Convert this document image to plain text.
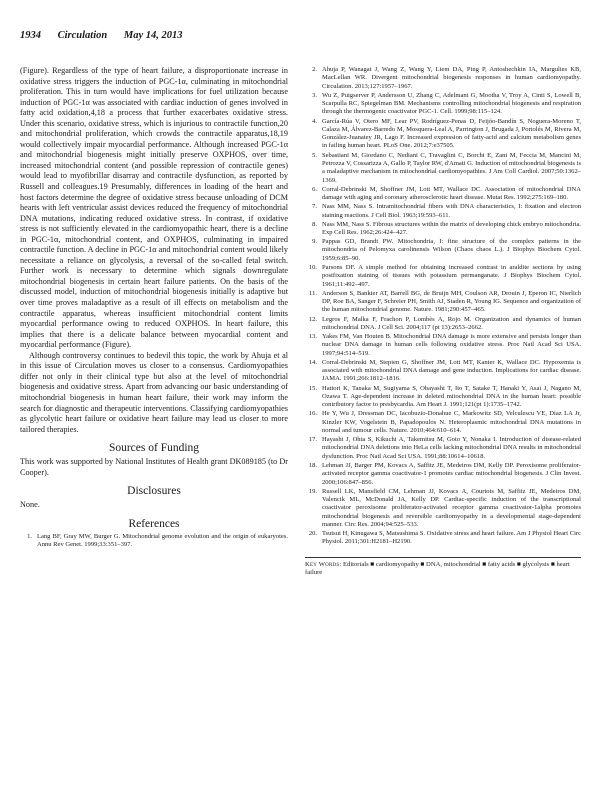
1934 Circulation May 14, 2013

(Figure). Regardless of the type of heart failure, a disproportionate increase in oxidative stress triggers the induction of PGC-1α, culminating in mitochondrial proliferation. This in turn would have implications for fuel utilization because induction of PGC-1α was associated with cardiac induction of genes involved in fatty acid oxidation,4,18 a process that further exacerbates oxidative stress. Under this scenario, oxidative stress, which is injurious to contractile function,20 and mitochondrial proliferation, which crowds the contractile apparatus,18,19 would collectively impair myocardial performance. Although increased PGC-1α and mitochondrial biogenesis might initially preserve OXPHOS, over time, increased mitochondrial content (and possible repression of contractile genes) would lead to myofibrillar disarray and contractile dysfunction, as reported by Russell and colleagues.19 Presumably, differences in loading of the heart and host factors determine the degree of oxidative stress because unloading of DCM hearts with left ventricular assist devices reduced the frequency of mitochondrial DNA mutations, indicating reduced oxidative stress. In contrast, if oxidative stress is not sufficiently elevated in the cardiomyopathic heart, there is a decline in PGC-1α, mitochondrial content, and OXPHOS, culminating in impaired contractile function. A decline in PGC-1α and mitochondrial content would likely necessitate a reliance on glycolysis, a reversal of the so-called fetal switch. Further work is necessary to determine which signals downregulate mitochondrial biogenesis in certain heart failure patients. On the basis of the discussed model, induction of mitochondrial biogenesis initially is adaptive but over time proves maladaptive as a result of ill effects on metabolism and the contractile apparatus, whereas insufficient mitochondrial content limits myocardial performance owing to reduced OXPHOS. In heart failure, this implies that there is a delicate balance between myocardial content and myocardial performance (Figure).

Although controversy continues to bedevil this topic, the work by Ahuja et al in this issue of Circulation moves us closer to a consensus. Cardiomyopathies differ not only in their clinical type but also at the level of mitochondrial biogenesis and oxidative stress. Apart from advancing our basic understanding of mitochondrial biogenesis in human heart failure, their work may inform the search for diagnostic and therapeutic interventions. Classifying cardiomyopathies as glycolytic heart failure or oxidative heart failure may lead us closer to more tailored therapies.

Sources of Funding

This work was supported by National Institutes of Health grant DK089185 (to Dr Cooper).

Disclosures

None.

References
1. Lang BF, Gray MW, Burger G. Mitochondrial genome evolution and the origin of eukaryotes. Annu Rev Genet. 1999;33:351–397.
2. Ahuja P, Wanagat J, Wang Z, Wang Y, Liem DA, Ping P, Antoshechkin IA, Margulies KB, MacLellan WR. Divergent mitochondrial biogenesis responses in human cardiomyopathy. Circulation. 2013;127:1957–1967.
3. Wu Z, Puigserver P, Andersson U, Zhang C, Adelmant G, Mootha V, Troy A, Cinti S, Lowell B, Scarpulla RC, Spiegelman BM. Mechanisms controlling mitochondrial biogenesis and respiration through the thermogenic coactivator PGC-1. Cell. 1999;98:115–124.
4. García-Rúa V, Otero MF, Lear PV, Rodríguez-Penas D, Feijóo-Bandín S, Noguera-Moreno T, Calaza M, Álvarez-Barredo M, Mosquera-Leal A, Parrington J, Brugada J, Portolés M, Rivera M, González-Juanatey JR, Lago F. Increased expression of fatty-acid and calcium metabolism genes in failing human heart. PLoS One. 2012;7:e37505.
5. Sebastiani M, Giordano C, Nediani C, Travaglini C, Borchi E, Zani M, Feccia M, Mancini M, Petrozza V, Cossarizza A, Gallo P, Taylor RW, d'Amati G. Induction of mitochondrial biogenesis is a maladaptive mechanism in mitochondrial cardiomyopathies. J Am Coll Cardiol. 2007;50:1362–1369.
6. Corral-Debrinski M, Shoffner JM, Lott MT, Wallace DC. Association of mitochondrial DNA damage with aging and coronary atherosclerotic heart disease. Mutat Res. 1992;275:169–180.
7. Nass MM, Nass S. Intramitochondrial fibers with DNA characteristics, I: fixation and electron staining reactions. J Cell Biol. 1963;19:593–611.
8. Nass MM, Nass S. Fibrous structures within the matrix of developing chick embryo mitochondria. Exp Cell Res. 1962;26:424–427.
9. Pappas GD, Brandt PW. Mitochondria, I: fine structure of the complex patterns in the mitochondria of Pelomyxa carolinensis Wilson (Chaos chaos L.). J Biophys Biochem Cytol. 1959;6:85–90.
10. Parsons DF. A simple method for obtaining increased contrast in araldite sections by using postfixation staining of tissues with potassium permanganate. J Biophys Biochem Cytol. 1961;11:492–497.
11. Anderson S, Bankier AT, Barrell BG, de Bruijn MH, Coulson AR, Drouin J, Eperon IC, Nierlich DP, Roe BA, Sanger F, Schreier PH, Smith AJ, Staden R, Young IG. Sequence and organization of the human mitochondrial genome. Nature. 1981;290:457–465.
12. Legros F, Malka F, Frachon P, Lombès A, Rojo M. Organization and dynamics of human mitochondrial DNA. J Cell Sci. 2004;117 (pt 13):2653–2662.
13. Yakes FM, Van Houten B. Mitochondrial DNA damage is more extensive and persists longer than nuclear DNA damage in human cells following oxidative stress. Proc Natl Acad Sci USA. 1997;94:514–519.
14. Corral-Debrinski M, Stepien G, Shoffner JM, Lott MT, Kanter K, Wallace DC. Hypoxemia is associated with mitochondrial DNA damage and gene induction. Implications for cardiac disease. JAMA. 1991;266:1812–1816.
15. Hattori K, Tanaka M, Sugiyama S, Obayashi T, Ito T, Satake T, Hanaki Y, Asai J, Nagano M, Ozawa T. Age-dependent increase in deleted mitochondrial DNA in the human heart: possible contributory factor to presbycardia. Am Heart J. 1991;121(pt 1):1735–1742.
16. He Y, Wu J, Dressman DC, Iacobuzio-Donahue C, Markowitz SD, Velculescu VE, Diaz LA Jr, Kinzler KW, Vogelstein B, Papadopoulos N. Heteroplasmic mitochondrial DNA mutations in normal and tumour cells. Nature. 2010;464:610–614.
17. Hayashi J, Ohta S, Kikuchi A, Takemitsu M, Goto Y, Nonaka I. Introduction of disease-related mitochondrial DNA deletions into HeLa cells lacking mitochondrial DNA results in mitochondrial dysfunction. Proc Natl Acad Sci USA. 1991;88:10614–10618.
18. Lehman JJ, Barger PM, Kovacs A, Saffitz JE, Medeiros DM, Kelly DP. Peroxisome proliferator-activated receptor gamma coactivator-1 promotes cardiac mitochondrial biogenesis. J Clin Invest. 2000;106:847–856.
19. Russell LK, Mansfield CM, Lehman JJ, Kovacs A, Courtois M, Saffitz JE, Medeiros DM, Valencik ML, McDonald JA, Kelly DP. Cardiac-specific induction of the transcriptional coactivator peroxisome proliferator-activated receptor gamma coactivator-1alpha promotes mitochondrial biogenesis and reversible cardiomyopathy in a developmental stage-dependent manner. Circ Res. 2004;94:525–533.
20. Tsutsui H, Kinugawa S, Matsushima S. Oxidative stress and heart failure. Am J Physiol Heart Circ Physiol. 2011;301:H2181–H2190.
Key Words: Editorials ■ cardiomyopathy ■ DNA, mitochondrial ■ fatty acids ■ glycolysis ■ heart failure
